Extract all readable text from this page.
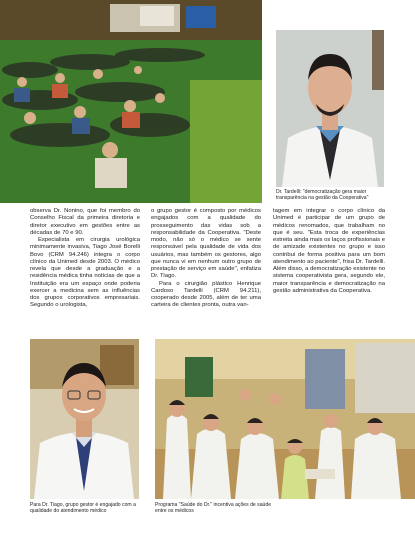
Dr. Tardelli: "democratização gera maior transparência na gestão da Cooperativa"

observa Dr. Nonino, que foi membro do Conselho Fiscal da primeira diretoria e diretor executivo em gestões entre as décadas de 70 e 90.

Especialista em cirurgia urológica minimamente invasiva, Tiago José Borelli Bovo (CRM 94.246) integra o corpo clínico da Unimed desde 2003. O médico revela que desde a graduação e a residência médica tinha notícias de que a Instituição era um espaço onde poderia exercer a medicina sem as influências dos grupos corporativos empresariais. Segundo o urologista,

o grupo gestor é composto por médicos engajados com a qualidade do prosseguimento das vidas sob a responsabilidade da Cooperativa. "Deste modo, não só o médico se sente responsável pela qualidade de vida dos usuários, mas também os gestores, algo que nunca vi em nenhum outro grupo de prestação de serviço em saúde", enfatiza Dr. Tiago.

Para o cirurgião plástico Henrique Cardoso Tardelli (CRM 94.211), cooperado desde 2005, além de ter uma carteira de clientes pronta, outra van-

tagem em integrar o corpo clínico da Unimed é participar de um grupo de médicos renomados, que trabalham no que é seu. "Esta troca de experiências estreita ainda mais os laços profissionais e de amizade existentes no grupo e isso contribui de forma positiva para um bom atendimento ao paciente", frisa Dr. Tardelli. Além disso, a democratização existente no sistema cooperativista gera, segundo ele, maior transparência e democratização na gestão administrativa da Cooperativa.

Para Dr. Tiago, grupo gestor é engajado com a qualidade do atendimento médico
Programa "Saúde do Dr." incentiva ações de saúde entre os médicos
